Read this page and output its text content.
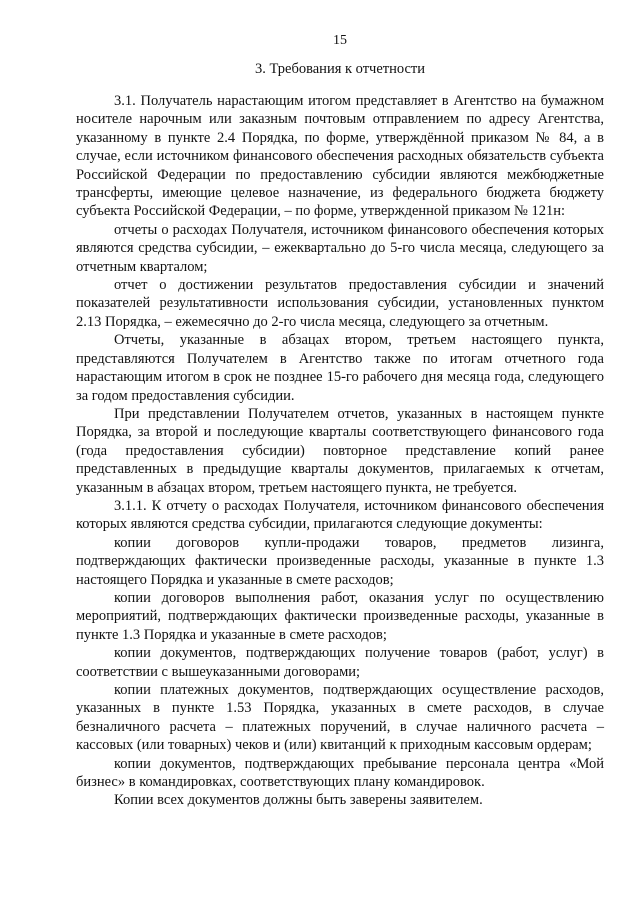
15
3. Требования к отчетности

3.1. Получатель нарастающим итогом представляет в Агентство на бумажном носителе нарочным или заказным почтовым отправлением по адресу Агентства, указанному в пункте 2.4 Порядка, по форме, утверждённой приказом № 84, а в случае, если источником финансового обеспечения расходных обязательств субъекта Российской Федерации по предоставлению субсидии являются межбюджетные трансферты, имеющие целевое назначение, из федерального бюджета бюджету субъекта Российской Федерации, – по форме, утвержденной приказом № 121н:

отчеты о расходах Получателя, источником финансового обеспечения которых являются средства субсидии, – ежеквартально до 5-го числа месяца, следующего за отчетным кварталом;

отчет о достижении результатов предоставления субсидии и значений показателей результативности использования субсидии, установленных пунктом 2.13 Порядка, – ежемесячно до 2-го числа месяца, следующего за отчетным.

Отчеты, указанные в абзацах втором, третьем настоящего пункта, представляются Получателем в Агентство также по итогам отчетного года нарастающим итогом в срок не позднее 15-го рабочего дня месяца года, следующего за годом предоставления субсидии.

При представлении Получателем отчетов, указанных в настоящем пункте Порядка, за второй и последующие кварталы соответствующего финансового года (года предоставления субсидии) повторное представление копий ранее представленных в предыдущие кварталы документов, прилагаемых к отчетам, указанным в абзацах втором, третьем настоящего пункта, не требуется.

3.1.1. К отчету о расходах Получателя, источником финансового обеспечения которых являются средства субсидии, прилагаются следующие документы:

копии договоров купли-продажи товаров, предметов лизинга, подтверждающих фактически произведенные расходы, указанные в пункте 1.3 настоящего Порядка и указанные в смете расходов;

копии договоров выполнения работ, оказания услуг по осуществлению мероприятий, подтверждающих фактически произведенные расходы, указанные в пункте 1.3 Порядка и указанные в смете расходов;

копии документов, подтверждающих получение товаров (работ, услуг) в соответствии с вышеуказанными договорами;

копии платежных документов, подтверждающих осуществление расходов, указанных в пункте 1.53 Порядка, указанных в смете расходов, в случае безналичного расчета – платежных поручений, в случае наличного расчета – кассовых (или товарных) чеков и (или) квитанций к приходным кассовым ордерам;

копии документов, подтверждающих пребывание персонала центра «Мой бизнес» в командировках, соответствующих плану командировок.

Копии всех документов должны быть заверены заявителем.
